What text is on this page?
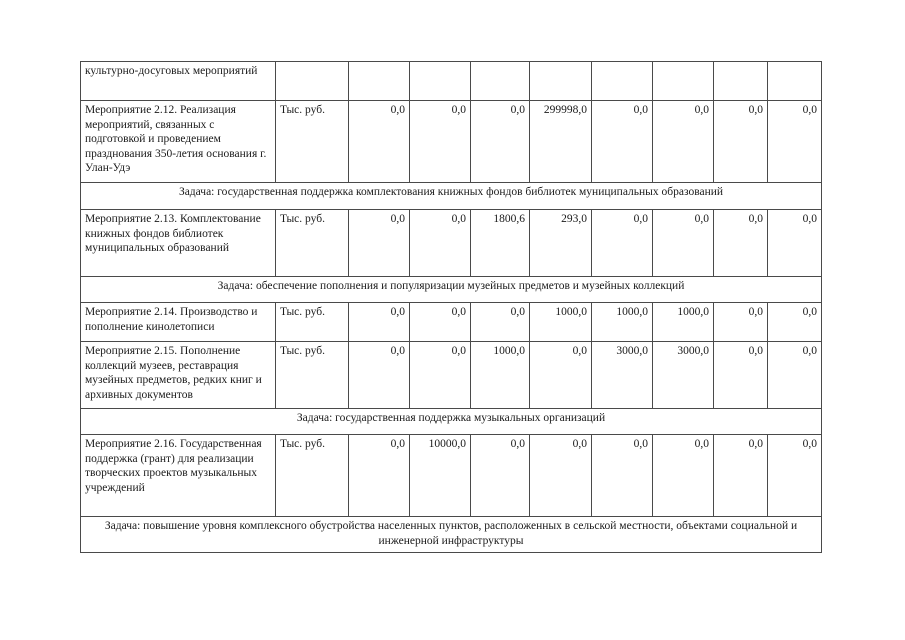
культурно-досуговых мероприятий									
Мероприятие 2.12. Реализация мероприятий, связанных с подготовкой и проведением празднования 350-летия основания г. Улан-Удэ	Тыс. руб.	0,0	0,0	0,0	299998,0	0,0	0,0	0,0	0,0
Задача: государственная поддержка комплектования книжных фондов библиотек муниципальных образований									
Мероприятие 2.13. Комплектование книжных фондов библиотек муниципальных образований	Тыс. руб.	0,0	0,0	1800,6	293,0	0,0	0,0	0,0	0,0
Задача: обеспечение пополнения и популяризации музейных предметов и музейных коллекций									
Мероприятие 2.14. Производство и пополнение кинолетописи	Тыс. руб.	0,0	0,0	0,0	1000,0	1000,0	1000,0	0,0	0,0
Мероприятие 2.15. Пополнение коллекций музеев, реставрация музейных предметов, редких книг и архивных документов	Тыс. руб.	0,0	0,0	1000,0	0,0	3000,0	3000,0	0,0	0,0
Задача: государственная поддержка музыкальных организаций									
Мероприятие 2.16. Государственная поддержка (грант) для реализации творческих проектов музыкальных учреждений	Тыс. руб.	0,0	10000,0	0,0	0,0	0,0	0,0	0,0	0,0
Задача: повышение уровня комплексного обустройства населенных пунктов, расположенных в сельской местности, объектами социальной и инженерной инфраструктуры									
